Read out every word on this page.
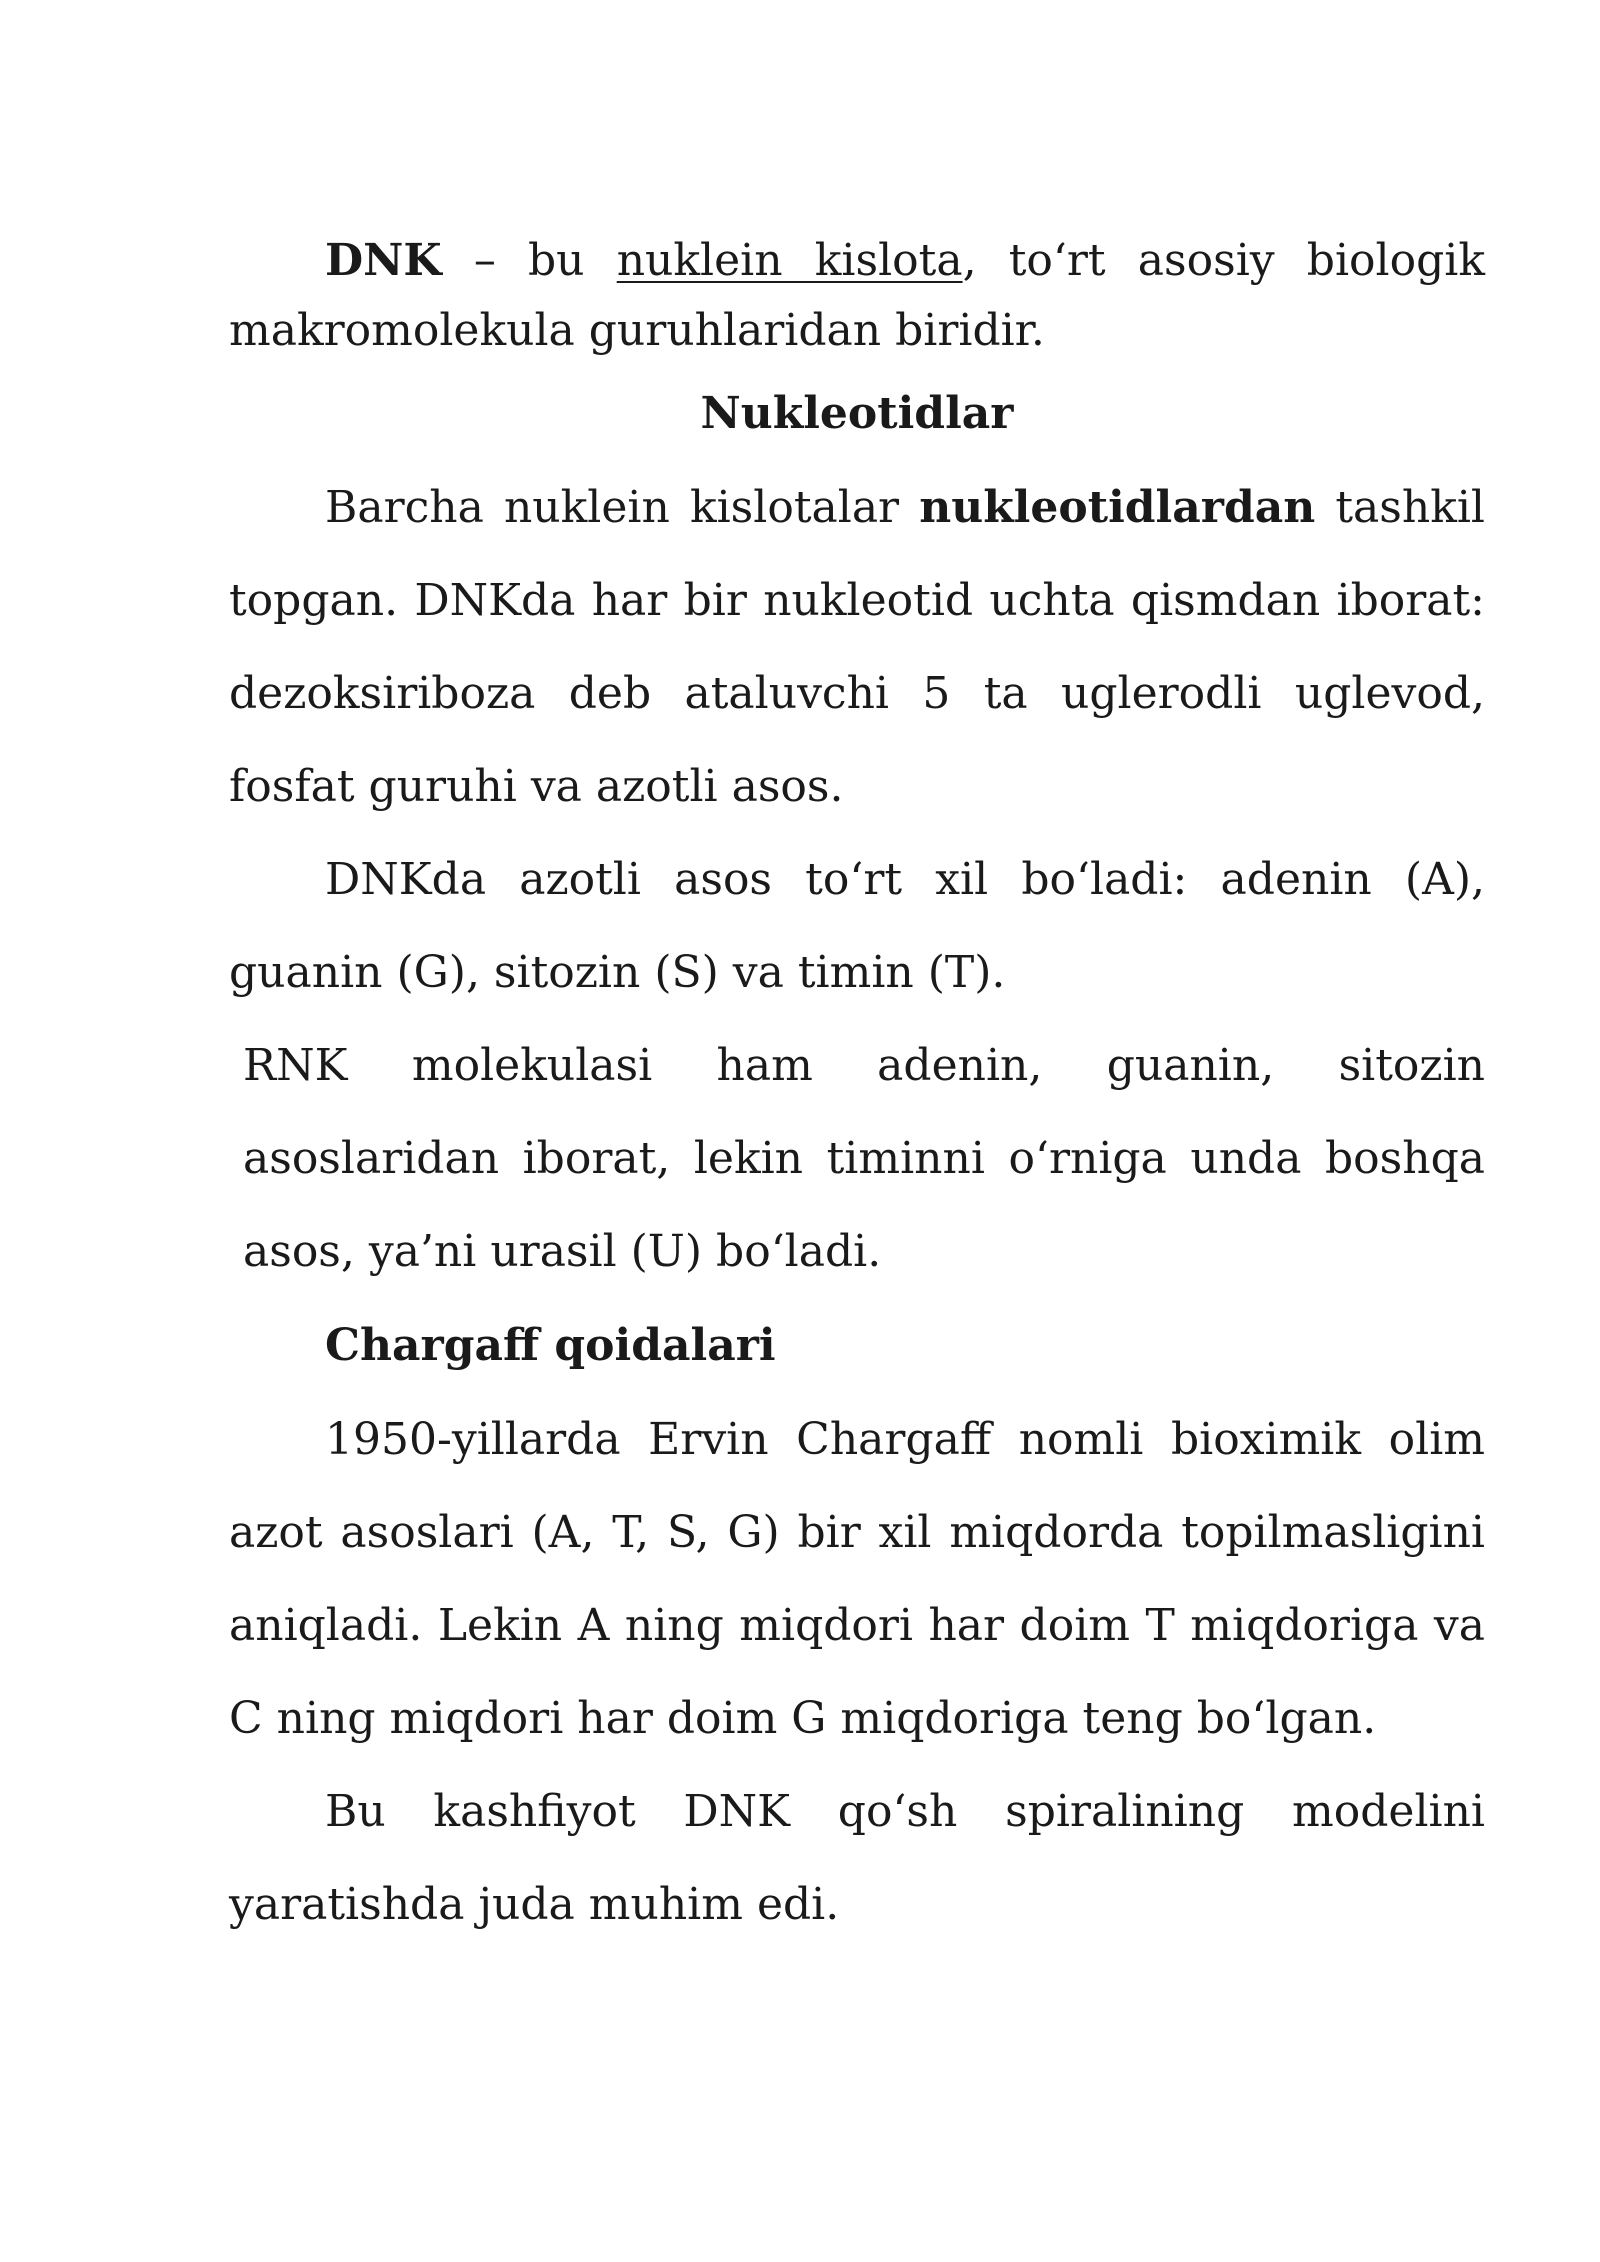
DNK – bu nuklein kislota, to‘rt asosiy biologik makromolekula guruhlaridan biridir.

Nukleotidlar

Barcha nuklein kislotalar nukleotidlardan tashkil topgan. DNKda har bir nukleotid uchta qismdan iborat: dezoksiriboza deb ataluvchi 5 ta uglerodli uglevod, fosfat guruhi va azotli asos.

DNKda azotli asos to‘rt xil bo‘ladi: adenin (A), guanin (G), sitozin (S) va timin (T).

RNK molekulasi ham adenin, guanin, sitozin asoslaridan iborat, lekin timinni o‘rniga unda boshqa asos, ya’ni urasil (U) bo‘ladi.

Chargaff qoidalari

1950-yillarda Ervin Chargaff nomli bioximik olim azot asoslari (A, T, S, G) bir xil miqdorda topilmasligini aniqladi. Lekin A ning miqdori har doim T miqdoriga va C ning miqdori har doim G miqdoriga teng bo‘lgan.

Bu kashfiyot DNK qo‘sh spiralining modelini yaratishda juda muhim edi.
